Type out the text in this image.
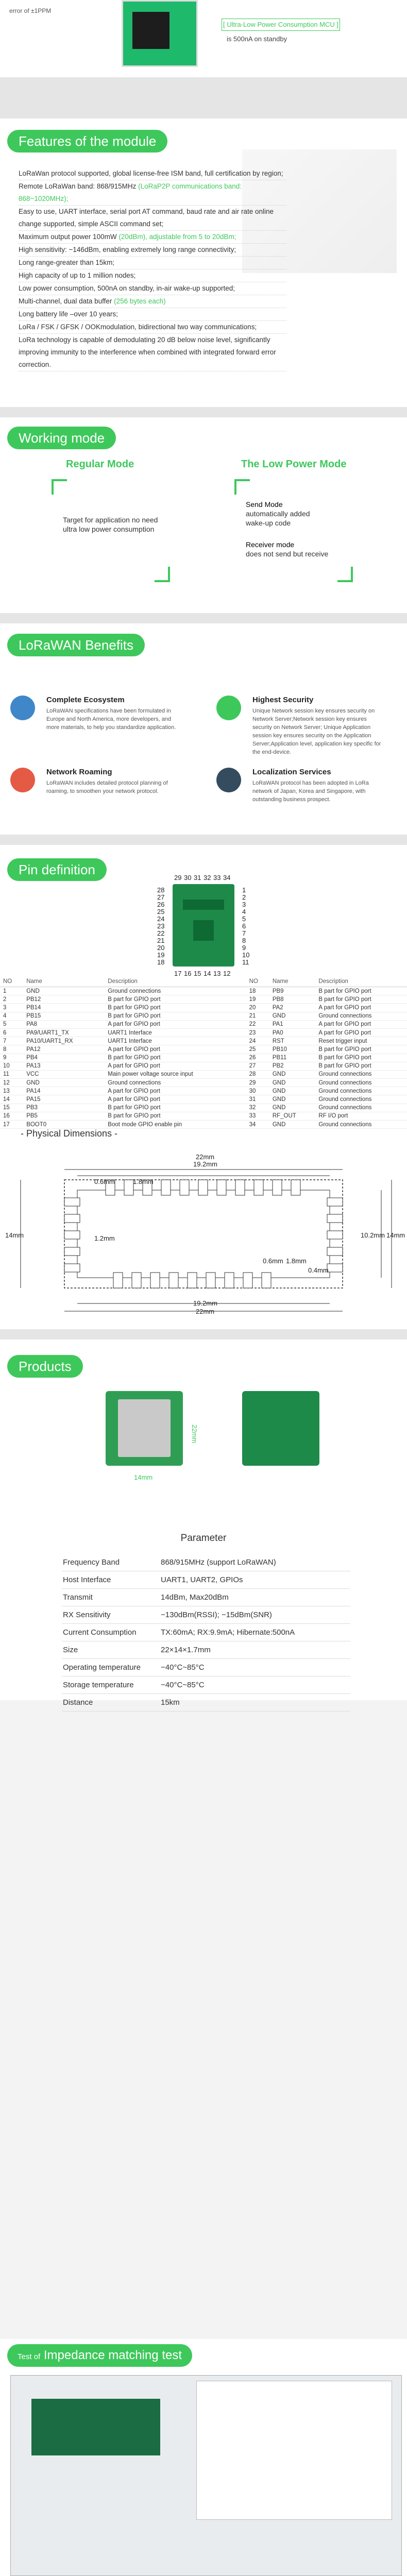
error of ±1PPM
[ Ultra-Low Power Consumption MCU ]
is 500nA on standby
Features of the module
LoRaWan protocol supported, global license-free ISM band, full certification by region;
Remote LoRaWan band: 868/915MHz (LoRaP2P communications band: 868~1020MHz);
Easy to use, UART interface, serial port AT command, baud rate and air rate online change supported, simple ASCII command set;
Maximum output power 100mW (20dBm), adjustable from 5 to 20dBm;
High sensitivity: −146dBm, enabling extremely long range connectivity;
Long range-greater than 15km;
High capacity of up to 1 million nodes;
Low power consumption, 500nA on standby, in-air wake-up supported;
Multi-channel, dual data buffer (256 bytes each)
Long battery life –over 10 years;
LoRa / FSK / GFSK / OOKmodulation, bidirectional two way communications;
LoRa technology is capable of demodulating 20 dB below noise level, significantly improving immunity to the interference when combined with integrated forward error correction.
Working mode
Regular Mode	The Low Power Mode
Target for application no need ultra low power consumption
Send Mode
automatically added wake-up code
Receiver mode
does not send but receive
LoRaWAN Benefits
Complete Ecosystem

LoRaWAN specifications have been formulated in Europe and North America, more developers, and more materials, to help you standardize application.

Highest Security

Unique Network session key ensures security on Network Server;Network session key ensures security on Network Server; Unique Application session key ensures security on the Application Server;Application level, application key specific for the end-device.

Network Roaming

LoRaWAN includes detailed protocol planning of roaming, to smoothen your network protocol.

Localization Services

LoRaWAN protocol has been adopted in LoRa network of Japan, Korea and Singapore, with outstanding business prospect.

Pin definition
29 30 31 32 33 34
28
27
26
25
24
23
22
21
20
19
18
1
2
3
4
5
6
7
8
9
10
11
17 16 15 14 13 12
NO	Name	Description	NO	Name	Description
1	GND	Ground connections	18	PB9	B part for GPIO port
2	PB12	B part for GPIO port	19	PB8	B part for GPIO port
3	PB14	B part for GPIO port	20	PA2	A part for GPIO port
4	PB15	B part for GPIO port	21	GND	Ground connections
5	PA8	A part for GPIO port	22	PA1	A part for GPIO port
6	PA9/UART1_TX	UART1 Interface	23	PA0	A part for GPIO port
7	PA10/UART1_RX	UART1 Interface	24	RST	Reset trigger input
8	PA12	A part for GPIO port	25	PB10	B part for GPIO port
9	PB4	B part for GPIO port	26	PB11	B part for GPIO port
10	PA13	A part for GPIO port	27	PB2	B part for GPIO port
11	VCC	Main power voltage source input	28	GND	Ground connections
12	GND	Ground connections	29	GND	Ground connections
13	PA14	A part for GPIO port	30	GND	Ground connections
14	PA15	A part for GPIO port	31	GND	Ground connections
15	PB3	B part for GPIO port	32	GND	Ground connections
16	PB5	B part for GPIO port	33	RF_OUT	RF I/O port
17	BOOT0	Boot mode GPIO enable pin	34	GND	Ground connections
- Physical Dimensions -
22mm
19.2mm
0.6mm	1.8mm
1.2mm
14mm	10.2mm 14mm
0.6mm 1.8mm
0.4mm
19.2mm
22mm
Products
22mm
14mm
Parameter
Frequency Band	868/915MHz (support LoRaWAN)
Host Interface	UART1, UART2, GPIOs
Transmit	14dBm, Max20dBm
RX Sensitivity	−130dBm(RSSI); −15dBm(SNR)
Current Consumption	TX:60mA; RX:9.9mA; Hibernate:500nA
Size	22×14×1.7mm
Operating temperature	−40°C~85°C
Storage temperature	−40°C~85°C
Distance	15km
Test of Impedance matching test
